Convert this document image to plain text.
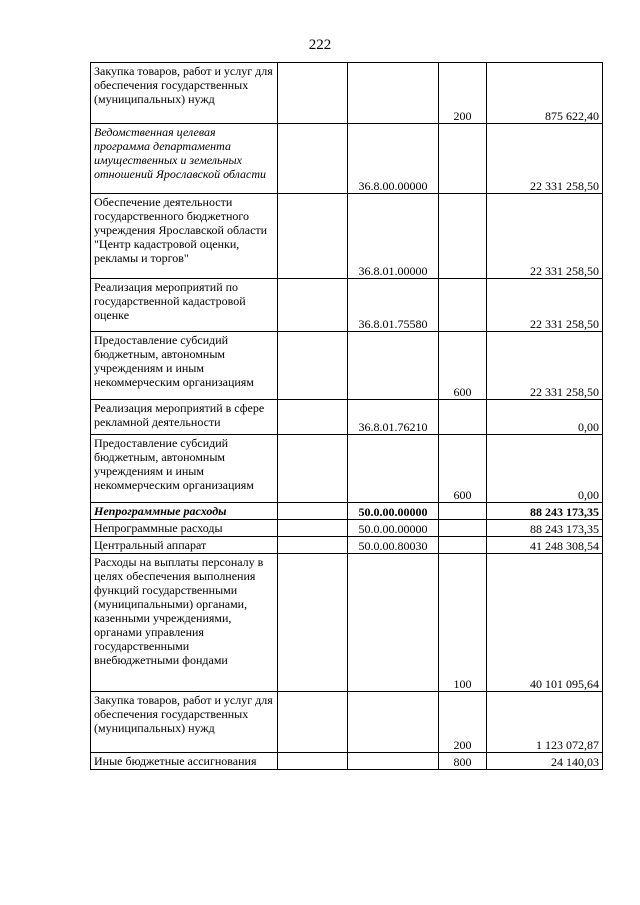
222
Закупка товаров, работ и услуг для обеспечения государственных (муниципальных) нужд			200	875 622,40
Ведомственная целевая программа департамента имущественных и земельных отношений Ярославской области		36.8.00.00000		22 331 258,50
Обеспечение деятельности государственного бюджетного учреждения Ярославской области "Центр кадастровой оценки, рекламы и торгов"		36.8.01.00000		22 331 258,50
Реализация мероприятий по государственной кадастровой оценке		36.8.01.75580		22 331 258,50
Предоставление субсидий бюджетным, автономным учреждениям и иным некоммерческим организациям			600	22 331 258,50
Реализация мероприятий в сфере рекламной деятельности		36.8.01.76210		0,00
Предоставление субсидий бюджетным, автономным учреждениям и иным некоммерческим организациям			600	0,00
Непрограммные расходы		50.0.00.00000		88 243 173,35
Непрограммные расходы		50.0.00.00000		88 243 173,35
Центральный аппарат		50.0.00.80030		41 248 308,54
Расходы на выплаты персоналу в целях обеспечения выполнения функций государственными (муниципальными) органами, казенными учреждениями, органами управления государственными внебюджетными фондами			100	40 101 095,64
Закупка товаров, работ и услуг для обеспечения государственных (муниципальных) нужд			200	1 123 072,87
Иные бюджетные ассигнования			800	24 140,03
